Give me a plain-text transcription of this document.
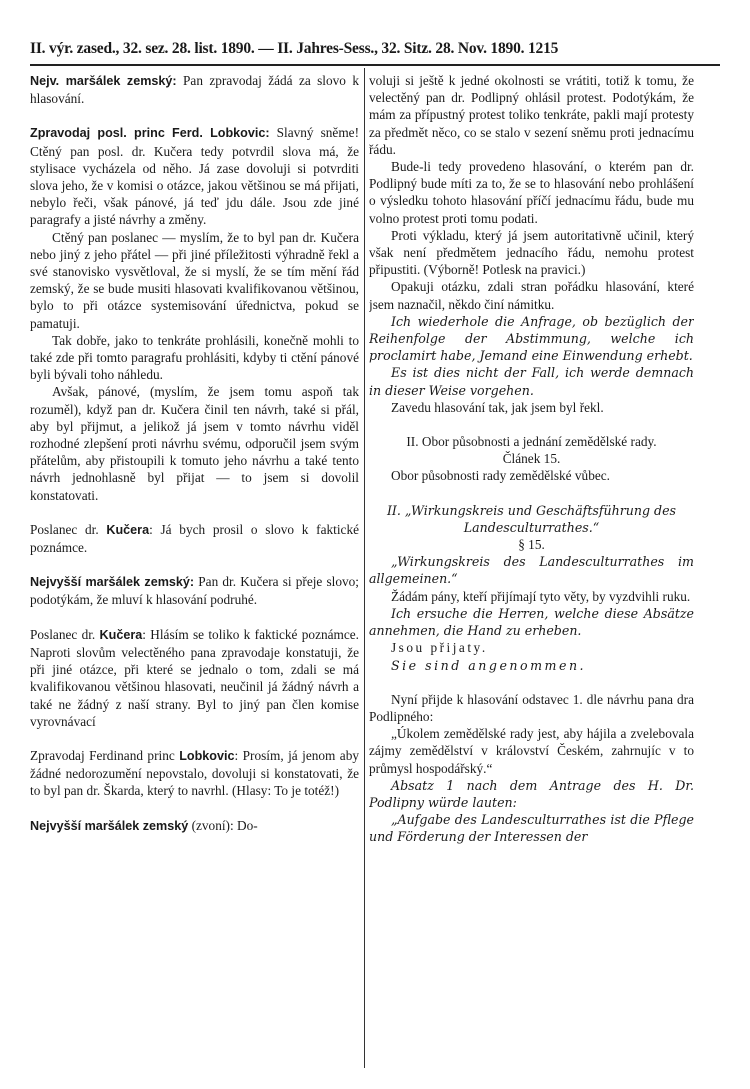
II. výr. zased., 32. sez. 28. list. 1890. — II. Jahres-Sess., 32. Sitz. 28. Nov. 1890. 1215

Nejv. maršálek zemský: Pan zpravodaj žádá za slovo k hlasování.

Zpravodaj posl. princ Ferd. Lobkovic: Slavný sněme! Ctěný pan posl. dr. Kučera tedy potvrdil slova má, že stylisace vycházela od něho. Já zase dovoluji si potvrditi slova jeho, že v komisi o otázce, jakou většinou se má přijati, nebylo řeči, však pánové, já teď jdu dále. Jsou zde jiné paragrafy a jisté návrhy a změny.

Ctěný pan poslanec — myslím, že to byl pan dr. Kučera nebo jiný z jeho přátel — při jiné příležitosti výhradně řekl a své stanovisko vysvětloval, že si myslí, že se tím mění řád zemský, že se bude musiti hlasovati kvalifikovanou většinou, bylo to při otázce systemisování úřednictva, pokud se pamatuji.

Tak dobře, jako to tenkráte prohlásili, konečně mohli to také zde při tomto paragrafu prohlásiti, kdyby ti ctění pánové byli bývali toho náhledu.

Avšak, pánové, (myslím, že jsem tomu aspoň tak rozuměl), když pan dr. Kučera činil ten návrh, také si přál, aby byl přijmut, a jelikož já jsem v tomto návrhu viděl rozhodné zlepšení proti návrhu svému, odporučil jsem svým přátelům, aby přistoupili k tomuto jeho návrhu a také tento návrh jednohlasně byl přijat — to jsem si dovolil konstatovati.

Poslanec dr. Kučera: Já bych prosil o slovo k faktické poznámce.

Nejvyšší maršálek zemský: Pan dr. Kučera si přeje slovo; podotýkám, že mluví k hlasování podruhé.

Poslanec dr. Kučera: Hlásím se toliko k faktické poznámce. Naproti slovům velectěného pana zpravodaje konstatuji, že při jiné otázce, při které se jednalo o tom, zdali se má kvalifikovanou většinou hlasovati, neučinil já žádný návrh a také ne žádný z naší strany. Byl to jiný pan člen komise vyrovnávací

Zpravodaj Ferdinand princ Lobkovic: Prosím, já jenom aby žádné nedorozumění nepovstalo, dovoluji si konstatovati, že to byl pan dr. Škarda, který to navrhl. (Hlasy: To je totéž!)

Nejvyšší maršálek zemský (zvoní): Do-

voluji si ještě k jedné okolnosti se vrátiti, totiž k tomu, že velectěný pan dr. Podlipný ohlásil protest. Podotýkám, že mám za přípustný protest toliko tenkráte, pakli mají protesty za předmět něco, co se stalo v sezení sněmu proti jednacímu řádu.

Bude-li tedy provedeno hlasování, o kterém pan dr. Podlipný bude míti za to, že se to hlasování nebo prohlášení o výsledku tohoto hlasování příčí jednacímu řádu, bude mu volno protest proti tomu podati.

Proti výkladu, který já jsem autoritativně učinil, který však není předmětem jednacího řádu, nemohu protest připustiti. (Výborně! Potlesk na pravici.)

Opakuji otázku, zdali stran pořádku hlasování, které jsem naznačil, někdo činí námitku.

Ich wiederhole die Anfrage, ob bezüglich der Reihenfolge der Abstimmung, welche ich proclamirt habe, Jemand eine Einwendung erhebt.

Es ist dies nicht der Fall, ich werde demnach in dieser Weise vorgehen.

Zavedu hlasování tak, jak jsem byl řekl.

II. Obor působnosti a jednání zemědělské rady.

Článek 15.

Obor působnosti rady zemědělské vůbec.

II. „Wirkungskreis und Geschäftsführung des Landesculturrathes.“

§ 15.

„Wirkungskreis des Landesculturrathes im allgemeinen.“

Žádám pány, kteří přijímají tyto věty, by vyzdvihli ruku.

Ich ersuche die Herren, welche diese Absätze annehmen, die Hand zu erheben.

Jsou přijaty.

Sie sind angenommen.

Nyní přijde k hlasování odstavec 1. dle návrhu pana dra Podlipného:

„Úkolem zemědělské rady jest, aby hájila a zvelebovala zájmy zemědělství v království Českém, zahrnujíc v to průmysl hospodářský.“

Absatz 1 nach dem Antrage des H. Dr. Podlipny würde lauten:

„Aufgabe des Landesculturrathes ist die Pflege und Förderung der Interessen der
